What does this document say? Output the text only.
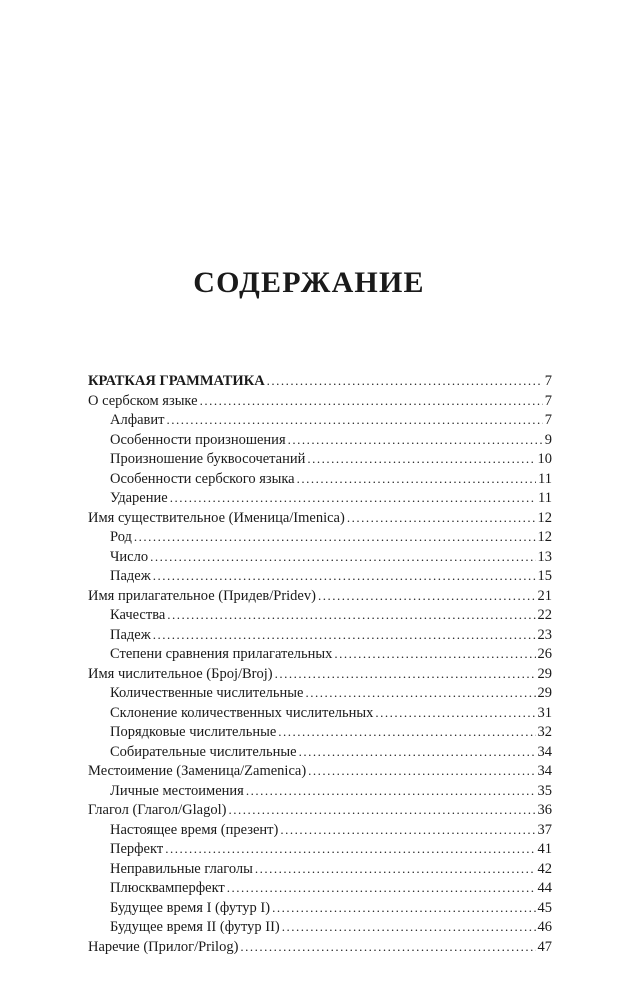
СОДЕРЖАНИЕ
КРАТКАЯ ГРАММАТИКА .....	7
О сербском языке .....	7
Алфавит .....	7
Особенности произношения .....	9
Произношение буквосочетаний .....	10
Особенности сербского языка .....	11
Ударение .....	11
Имя существительное (Именица/Imenica) .....	12
Род .....	12
Число .....	13
Падеж .....	15
Имя прилагательное (Придев/Pridev) .....	21
Качества .....	22
Падеж .....	23
Степени сравнения прилагательных .....	26
Имя числительное (Број/Broj) .....	29
Количественные числительные .....	29
Склонение количественных числительных .....	31
Порядковые числительные .....	32
Собирательные числительные .....	34
Местоимение (Заменица/Zamenica) .....	34
Личные местоимения .....	35
Глагол (Глагол/Glagol) .....	36
Настоящее время (презент) .....	37
Перфект .....	41
Неправильные глаголы .....	42
Плюсквамперфект .....	44
Будущее время I (футур I) .....	45
Будущее время II (футур II) .....	46
Наречие (Прилог/Prilog) .....	47
